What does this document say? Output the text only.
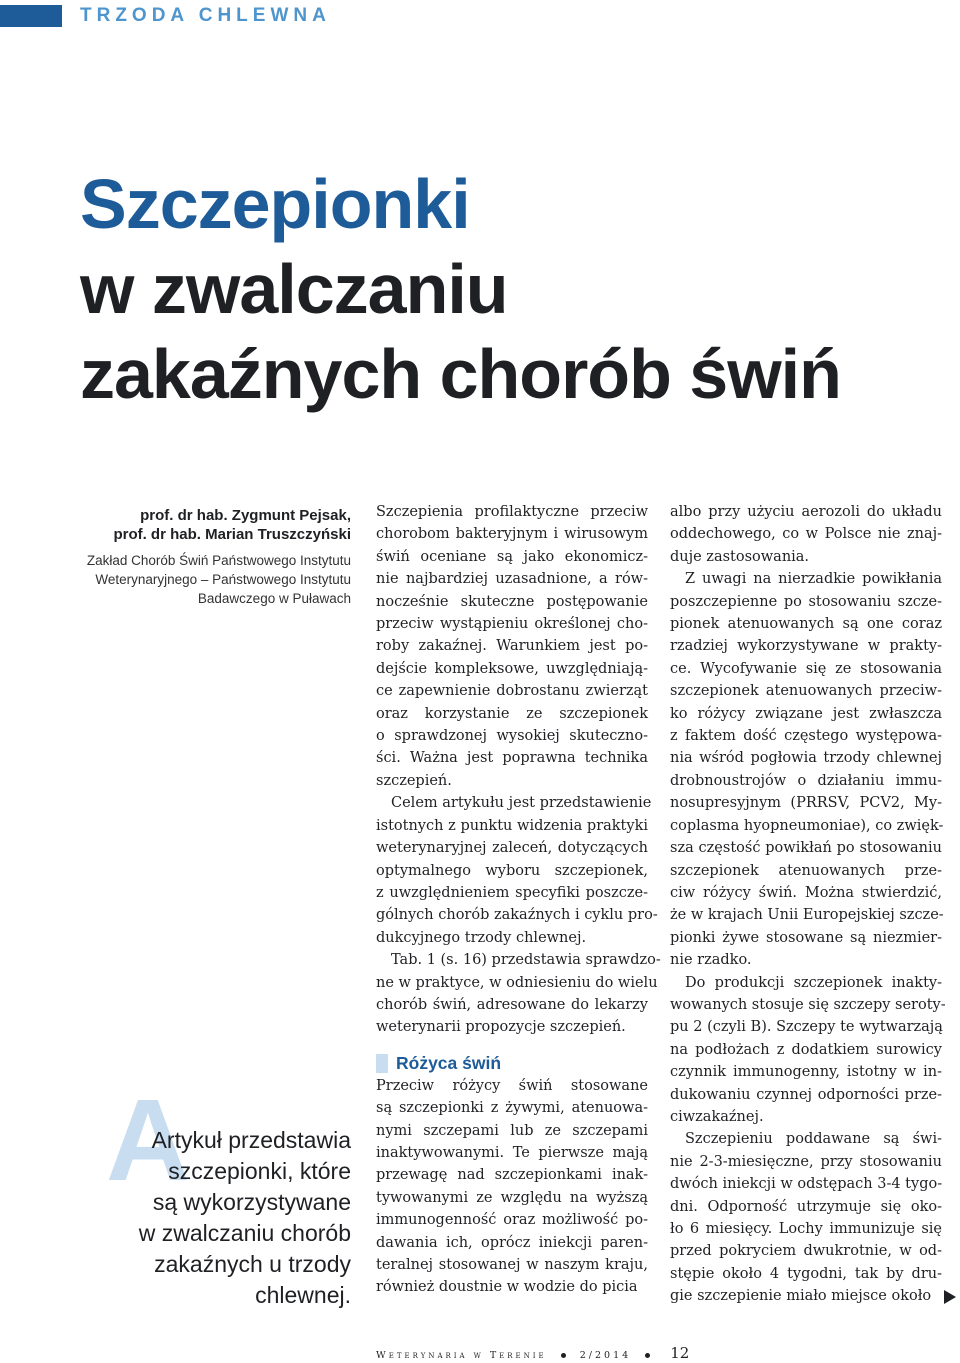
TRZODA CHLEWNA
Szczepionki
w zwalczaniu
zakaźnych chorób świń
prof. dr hab. Zygmunt Pejsak,
prof. dr hab. Marian Truszczyński
Zakład Chorób Świń Państwowego Instytutu
Weterynaryjnego – Państwowego Instytutu
Badawczego w Puławach
A
Artykuł przedstawia
szczepionki, które
są wykorzystywane
w zwalczaniu chorób
zakaźnych u trzody
chlewnej.

Szczepienia profilaktyczne przeciw
chorobom bakteryjnym i wirusowym
świń oceniane są jako ekonomicz-
nie najbardziej uzasadnione, a rów-
nocześnie skuteczne postępowanie
przeciw wystąpieniu określonej cho-
roby zakaźnej. Warunkiem jest po-
dejście kompleksowe, uwzględniają-
ce zapewnienie dobrostanu zwierząt
oraz korzystanie ze szczepionek
o sprawdzonej wysokiej skuteczno-
ści. Ważna jest poprawna technika
szczepień.

Celem artykułu jest przedstawienie
istotnych z punktu widzenia praktyki
weterynaryjnej zaleceń, dotyczących
optymalnego wyboru szczepionek,
z uwzględnieniem specyfiki poszcze-
gólnych chorób zakaźnych i cyklu pro-
dukcyjnego trzody chlewnej.

Tab. 1 (s. 16) przedstawia sprawdzo-
ne w praktyce, w odniesieniu do wielu
chorób świń, adresowane do lekarzy
weterynarii propozycje szczepień.

Różyca świń

Przeciw różycy świń stosowane
są szczepionki z żywymi, atenuowa-
nymi szczepami lub ze szczepami
inaktywowanymi. Te pierwsze mają
przewagę nad szczepionkami inak-
tywowanymi ze względu na wyższą
immunogenność oraz możliwość po-
dawania ich, oprócz iniekcji paren-
teralnej stosowanej w naszym kraju,
również doustnie w wodzie do picia

albo przy użyciu aerozoli do układu
oddechowego, co w Polsce nie znaj-
duje zastosowania.

Z uwagi na nierzadkie powikłania
poszczepienne po stosowaniu szcze-
pionek atenuowanych są one coraz
rzadziej wykorzystywane w prakty-
ce. Wycofywanie się ze stosowania
szczepionek atenuowanych przeciw-
ko różycy związane jest zwłaszcza
z faktem dość częstego występowa-
nia wśród pogłowia trzody chlewnej
drobnoustrojów o działaniu immu-
nosupresyjnym (PRRSV, PCV2, My-
coplasma hyopneumoniae), co zwięk-
sza częstość powikłań po stosowaniu
szczepionek atenuowanych prze-
ciw różycy świń. Można stwierdzić,
że w krajach Unii Europejskiej szcze-
pionki żywe stosowane są niezmier-
nie rzadko.

Do produkcji szczepionek inakty-
wowanych stosuje się szczepy seroty-
pu 2 (czyli B). Szczepy te wytwarzają
na podłożach z dodatkiem surowicy
czynnik immunogenny, istotny w in-
dukowaniu czynnej odporności prze-
ciwzakaźnej.

Szczepieniu poddawane są świ-
nie 2-3-miesięczne, przy stosowaniu
dwóch iniekcji w odstępach 3-4 tygo-
dni. Odporność utrzymuje się oko-
ło 6 miesięcy. Lochy immunizuje się
przed pokryciem dwukrotnie, w od-
stępie około 4 tygodni, tak by dru-
gie szczepienie miało miejsce około

Weterynaria w Terenie	2/2014	12
